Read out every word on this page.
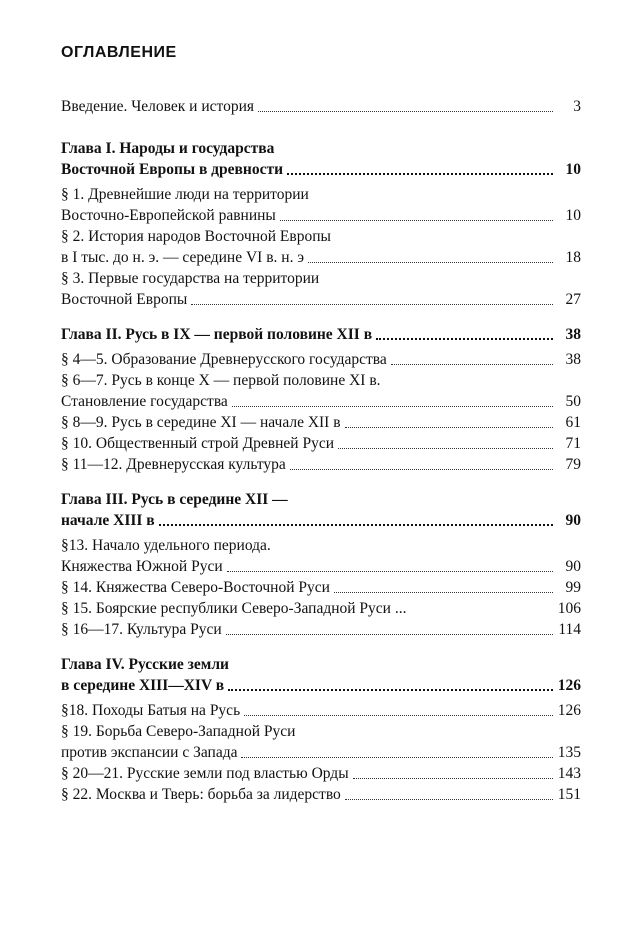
ОГЛАВЛЕНИЕ
Введение. Человек и история	3
Глава I. Народы и государства
Восточной Европы в древности	10
§ 1. Древнейшие люди на территории
Восточно-Европейской равнины	10
§ 2. История народов Восточной Европы
в I тыс. до н. э. — середине VI в. н. э	18
§ 3. Первые государства на территории
Восточной Европы	27
Глава II. Русь в IX — первой половине XII в	38
§ 4—5. Образование Древнерусского государства	38
§ 6—7. Русь в конце X — первой половине XI в.
Становление государства	50
§ 8—9. Русь в середине XI — начале XII в	61
§ 10. Общественный строй Древней Руси	71
§ 11—12. Древнерусская культура	79
Глава III. Русь в середине XII —
начале XIII в	90
§13. Начало удельного периода.
Княжества Южной Руси	90
§ 14. Княжества Северо-Восточной Руси	99
§ 15. Боярские республики Северо-Западной Руси ...	106
§ 16—17. Культура Руси	114
Глава IV. Русские земли
в середине XIII—XIV в	126
§18. Походы Батыя на Русь	126
§ 19. Борьба Северо-Западной Руси
против экспансии с Запада	135
§ 20—21. Русские земли под властью Орды	143
§ 22. Москва и Тверь: борьба за лидерство	151
